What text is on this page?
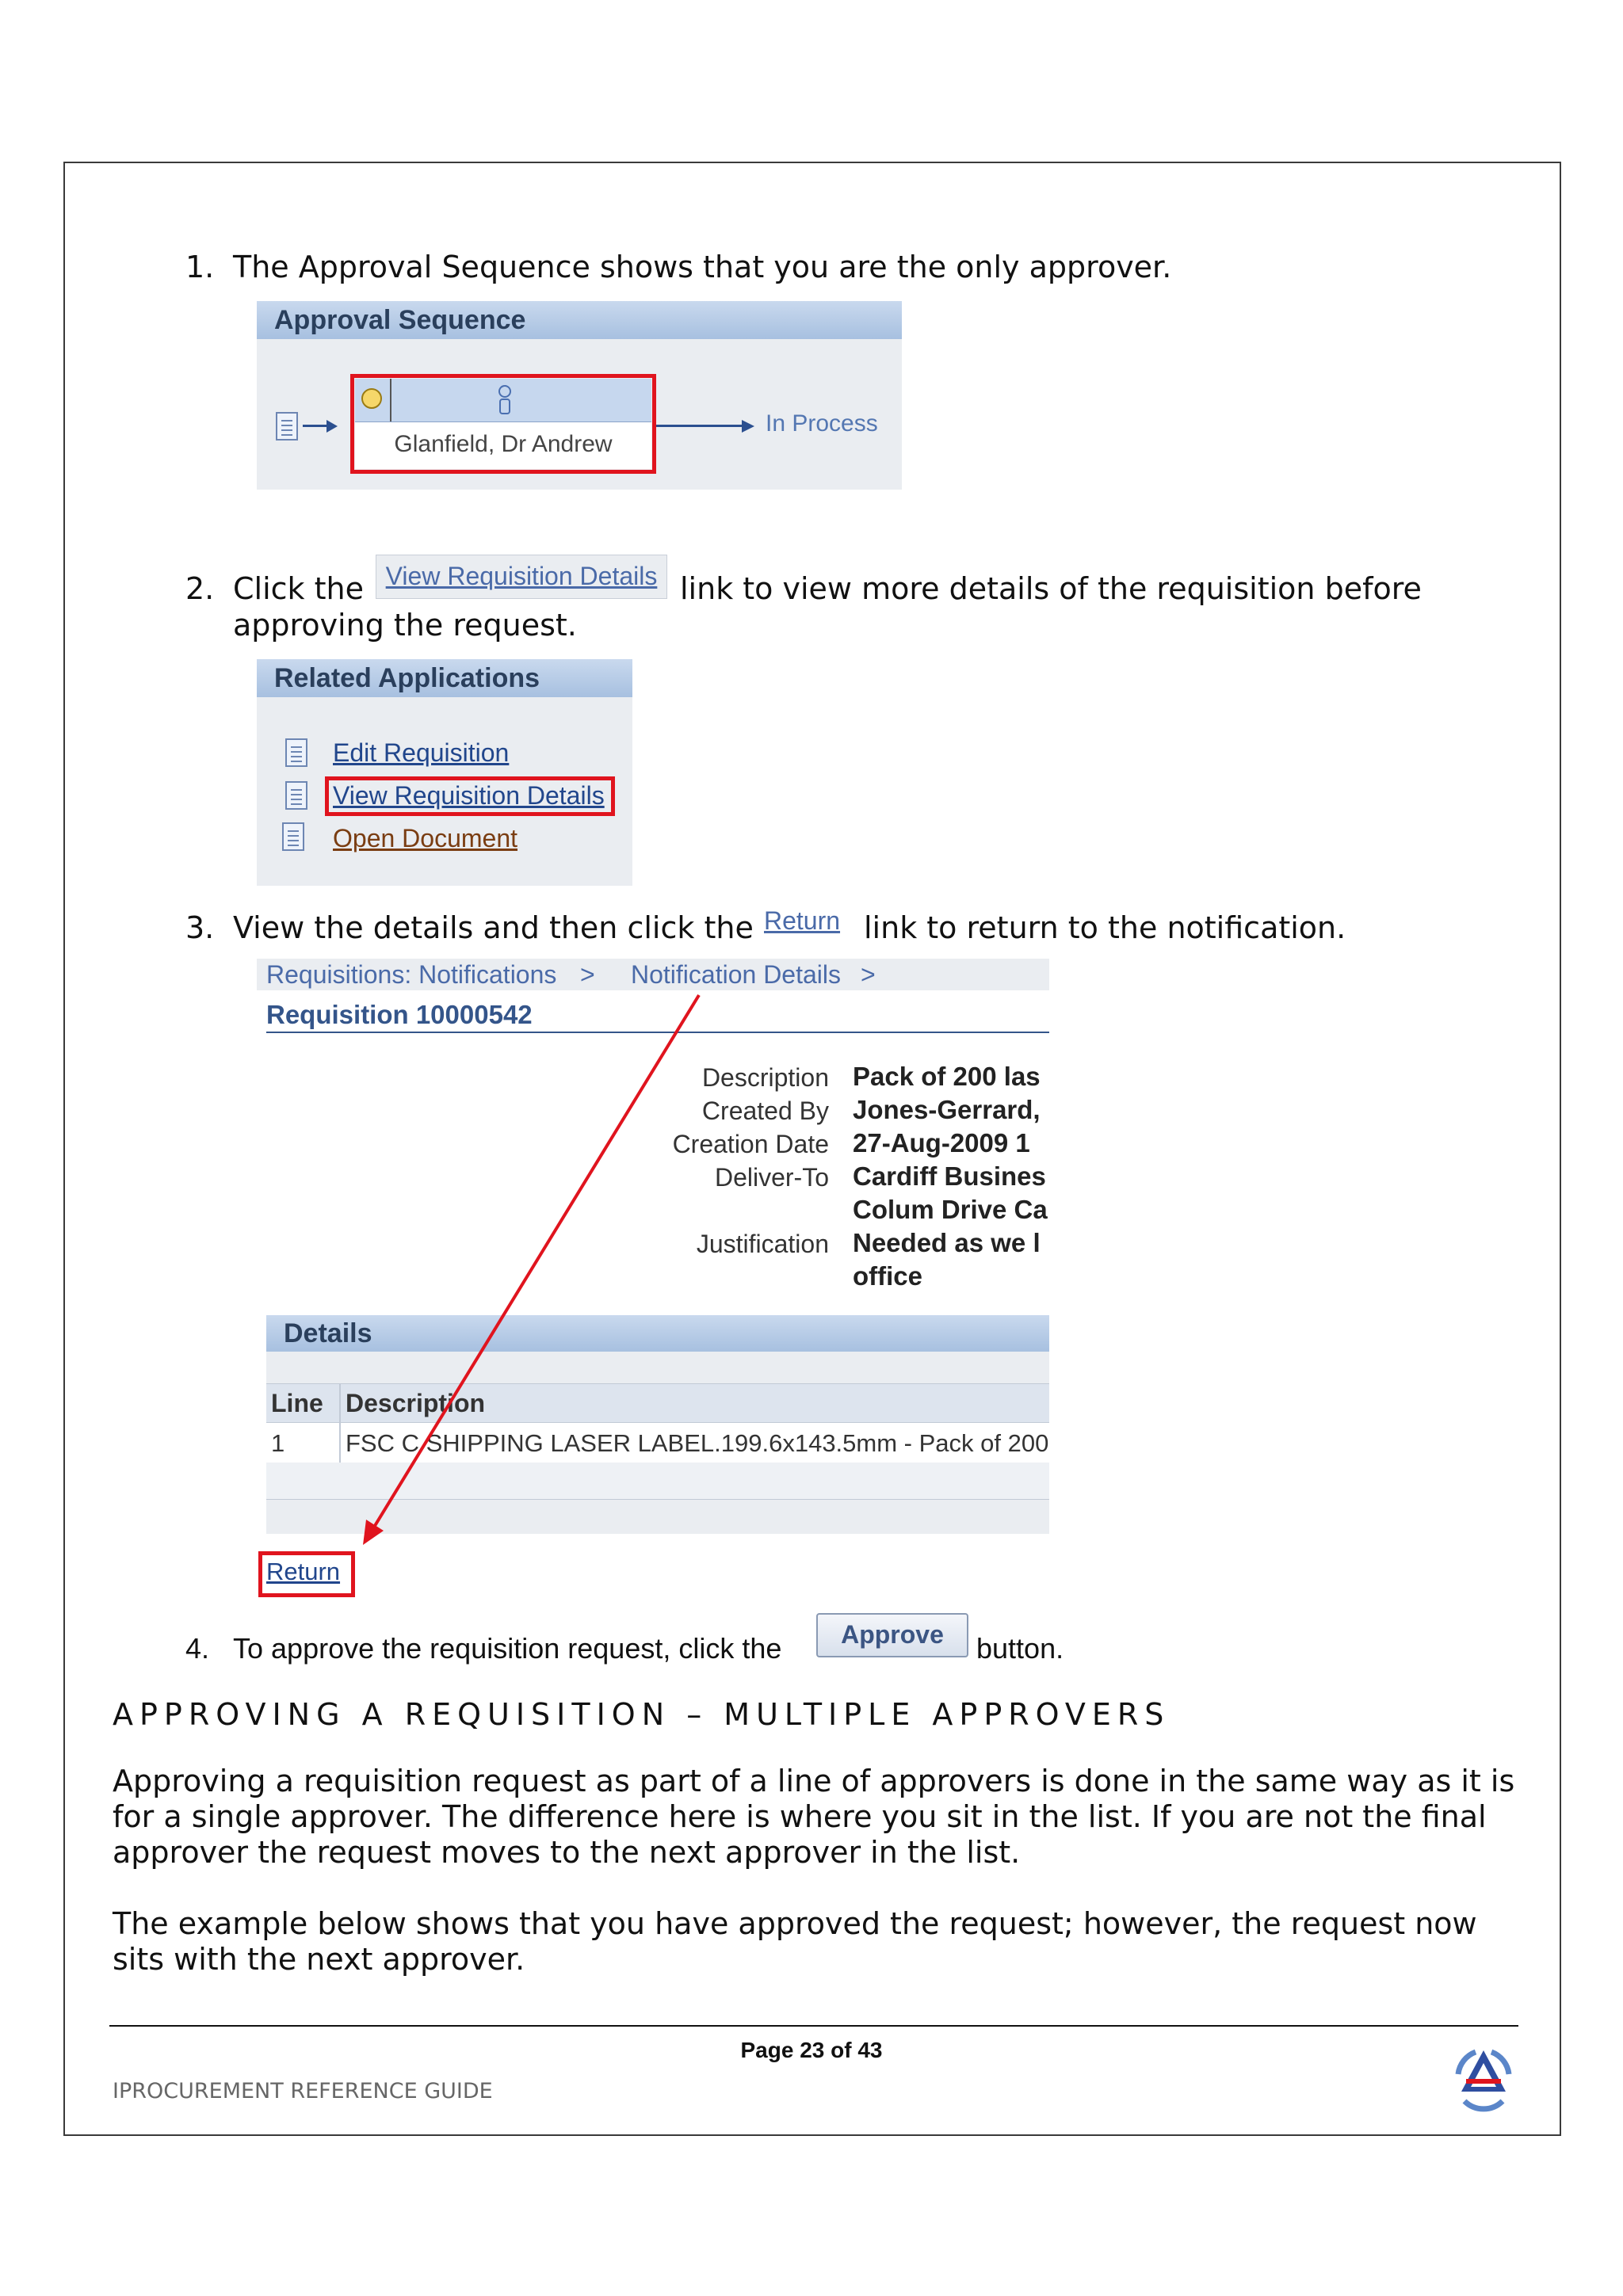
1. The Approval Sequence shows that you are the only approver.
Approval Sequence
Glanfield, Dr Andrew
In Process
2. Click the View Requisition Details link to view more details of the requisition before
approving the request.
Related Applications
Edit Requisition
View Requisition Details
Open Document
3. View the details and then click the Return link to return to the notification.
Requisitions: Notifications > Notification Details >
Requisition 10000542
Description Pack of 200 las
Created By Jones-Gerrard,
Creation Date 27-Aug-2009 1
Deliver-To Cardiff Busines
Colum Drive Ca
Justification Needed as we l
office
Details
Line Description
1 FSC C SHIPPING LASER LABEL.199.6x143.5mm - Pack of 200
Return
4. To approve the requisition request, click the	Approve	button.
APPROVING A REQUISITION – MULTIPLE APPROVERS
Approving a requisition request as part of a line of approvers is done in the same way as it is for a single approver. The difference here is where you sit in the list. If you are not the final approver the request moves to the next approver in the list.
The example below shows that you have approved the request; however, the request now sits with the next approver.
Page 23 of 43
IPROCUREMENT REFERENCE GUIDE
